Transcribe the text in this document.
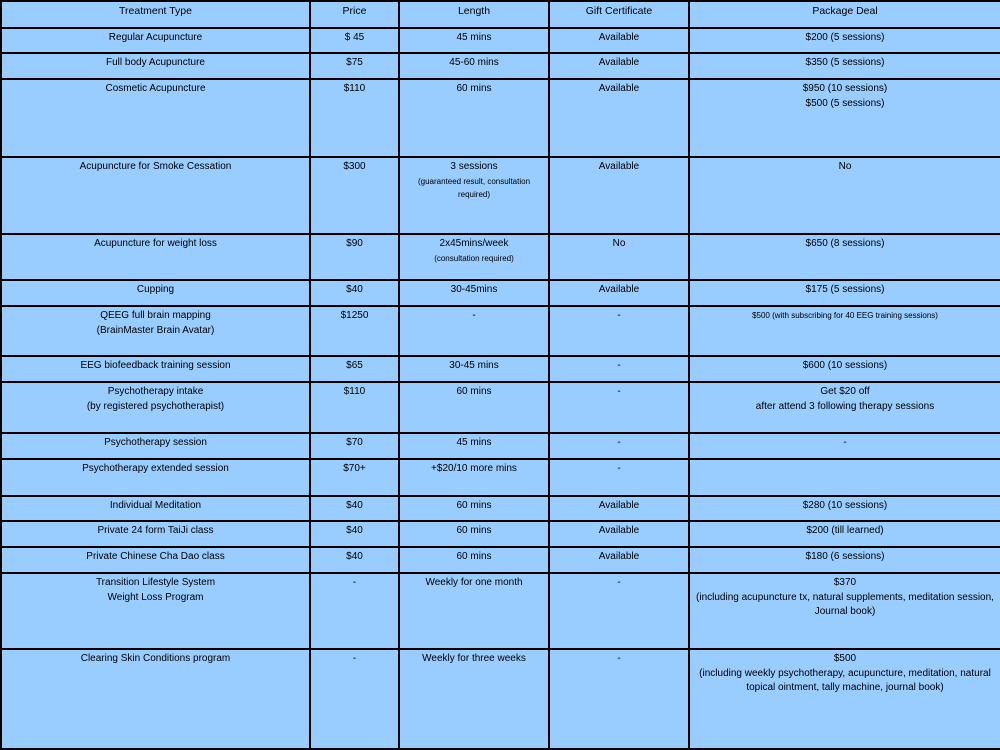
Treatment Type	Price	Length	Gift Certificate	Package Deal

Regular Acupuncture	$ 45	45 mins	Available	$200 (5 sessions)

Full body Acupuncture	$75	45-60 mins	Available	$350 (5 sessions)

Cosmetic Acupuncture	$110	60 mins	Available	$950 (10 sessions)
$500 (5 sessions)

Acupuncture for Smoke Cessation	$300	3 sessions
(guaranteed result, consultation
required)	Available	No

Acupuncture for weight loss	$90	2x45mins/week
(consultation required)	No	$650 (8 sessions)

Cupping	$40	30-45mins	Available	$175 (5 sessions)

QEEG full brain mapping
(BrainMaster Brain Avatar)	$1250	-	-	$500 (with subscribing for 40 EEG training sessions)

EEG biofeedback training session	$65	30-45 mins	-	$600 (10 sessions)

Psychotherapy intake
(by registered psychotherapist)	$110	60 mins	-	Get $20 off
after attend 3 following therapy sessions

Psychotherapy session	$70	45 mins	-	-

Psychotherapy extended session	$70+	+$20/10 more mins	-	

Individual Meditation	$40	60 mins	Available	$280 (10 sessions)

Private 24 form TaiJi class	$40	60 mins	Available	$200 (till learned)

Private Chinese Cha Dao class	$40	60 mins	Available	$180 (6 sessions)

Transition Lifestyle System
Weight Loss Program	-	Weekly for one month	-	$370
(including acupuncture tx, natural supplements, meditation session,
Journal book)

Clearing Skin Conditions program	-	Weekly for three weeks	-	$500
(including weekly psychotherapy, acupuncture, meditation, natural
topical ointment, tally machine, journal book)
